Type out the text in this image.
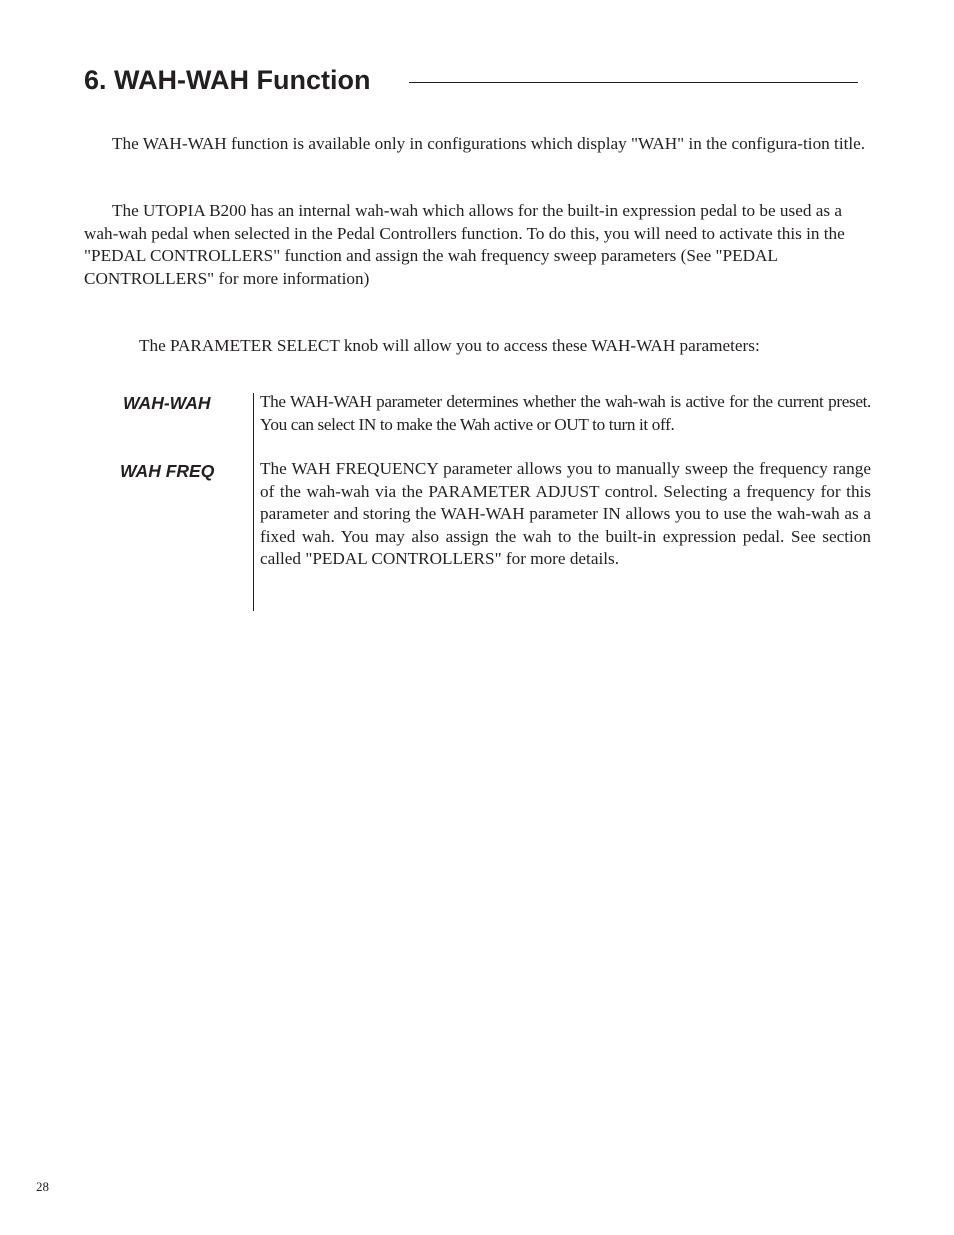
6. WAH-WAH Function

The WAH-WAH function is available only in configurations which display "WAH" in the configura-tion title.

The UTOPIA B200 has an internal wah-wah which allows for the built-in expression pedal to be used as a wah-wah pedal when selected in the Pedal Controllers function. To do this, you will need to activate this in the "PEDAL CONTROLLERS" function and assign the wah frequency sweep parameters (See "PEDAL CONTROLLERS" for more information)

The PARAMETER SELECT knob will allow you to access these WAH-WAH parameters:

WAH-WAH
WAH FREQ

The WAH-WAH parameter determines whether the wah-wah is active for the current preset. You can select IN to make the Wah active or OUT to turn it off.

The WAH FREQUENCY parameter allows you to manually sweep the frequency range of the wah-wah via the PARAMETER ADJUST control. Selecting a frequency for this parameter and storing the WAH-WAH parameter IN allows you to use the wah-wah as a fixed wah. You may also assign the wah to the built-in expression pedal. See section called "PEDAL CONTROLLERS" for more details.

28
